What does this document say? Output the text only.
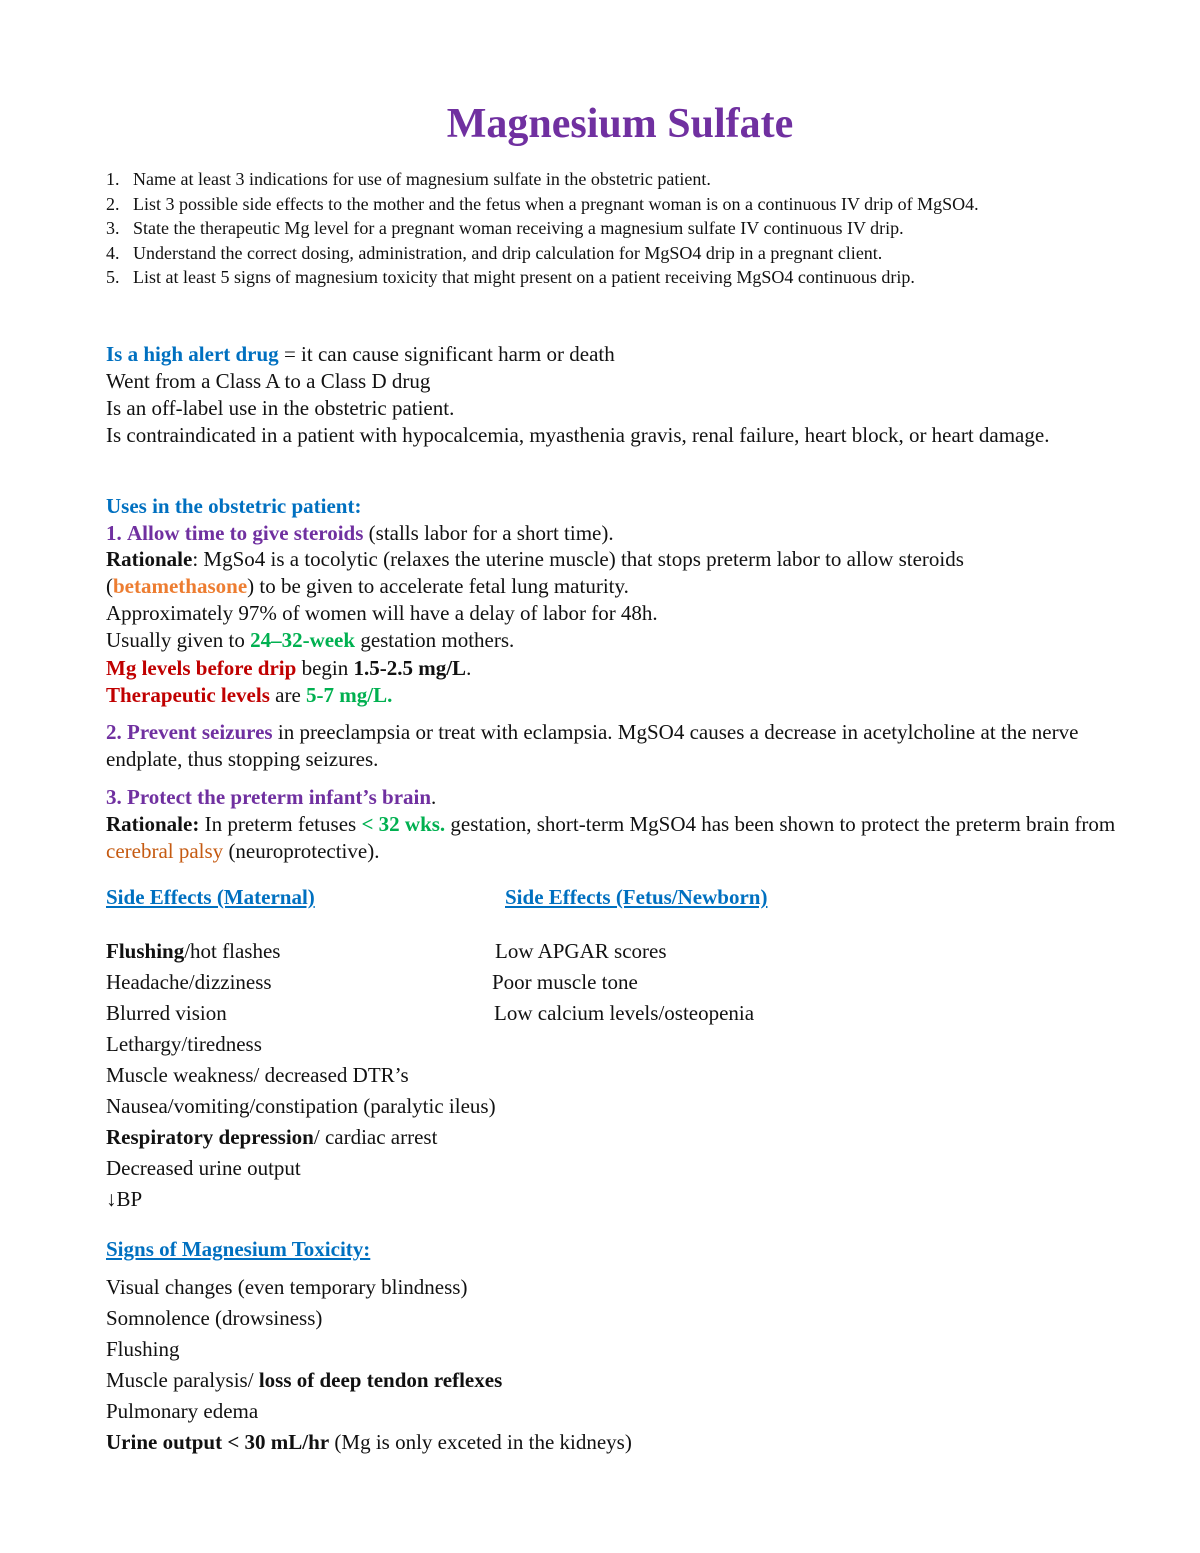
Magnesium Sulfate
1. Name at least 3 indications for use of magnesium sulfate in the obstetric patient.
2. List 3 possible side effects to the mother and the fetus when a pregnant woman is on a continuous IV drip of MgSO4.
3. State the therapeutic Mg level for a pregnant woman receiving a magnesium sulfate IV continuous IV drip.
4. Understand the correct dosing, administration, and drip calculation for MgSO4 drip in a pregnant client.
5. List at least 5 signs of magnesium toxicity that might present on a patient receiving MgSO4 continuous drip.
Is a high alert drug = it can cause significant harm or death
Went from a Class A to a Class D drug
Is an off-label use in the obstetric patient.
Is contraindicated in a patient with hypocalcemia, myasthenia gravis, renal failure, heart block, or heart damage.
Uses in the obstetric patient:
1. Allow time to give steroids (stalls labor for a short time).
Rationale: MgSo4 is a tocolytic (relaxes the uterine muscle) that stops preterm labor to allow steroids (betamethasone) to be given to accelerate fetal lung maturity.
Approximately 97% of women will have a delay of labor for 48h.
Usually given to 24–32-week gestation mothers.
Mg levels before drip begin 1.5-2.5 mg/L.
Therapeutic levels are 5-7 mg/L.
2. Prevent seizures in preeclampsia or treat with eclampsia. MgSO4 causes a decrease in acetylcholine at the nerve endplate, thus stopping seizures.
3. Protect the preterm infant’s brain.
Rationale: In preterm fetuses < 32 wks. gestation, short-term MgSO4 has been shown to protect the preterm brain from cerebral palsy (neuroprotective).
Side Effects (Maternal)	Side Effects (Fetus/Newborn)
Flushing/hot flashes
Headache/dizziness
Blurred vision
Lethargy/tiredness
Muscle weakness/ decreased DTR’s
Nausea/vomiting/constipation (paralytic ileus)
Respiratory depression/ cardiac arrest
Decreased urine output
↓BP
Low APGAR scores
Poor muscle tone
Low calcium levels/osteopenia
Signs of Magnesium Toxicity:
Visual changes (even temporary blindness)
Somnolence (drowsiness)
Flushing
Muscle paralysis/ loss of deep tendon reflexes
Pulmonary edema
Urine output < 30 mL/hr (Mg is only exceted in the kidneys)
